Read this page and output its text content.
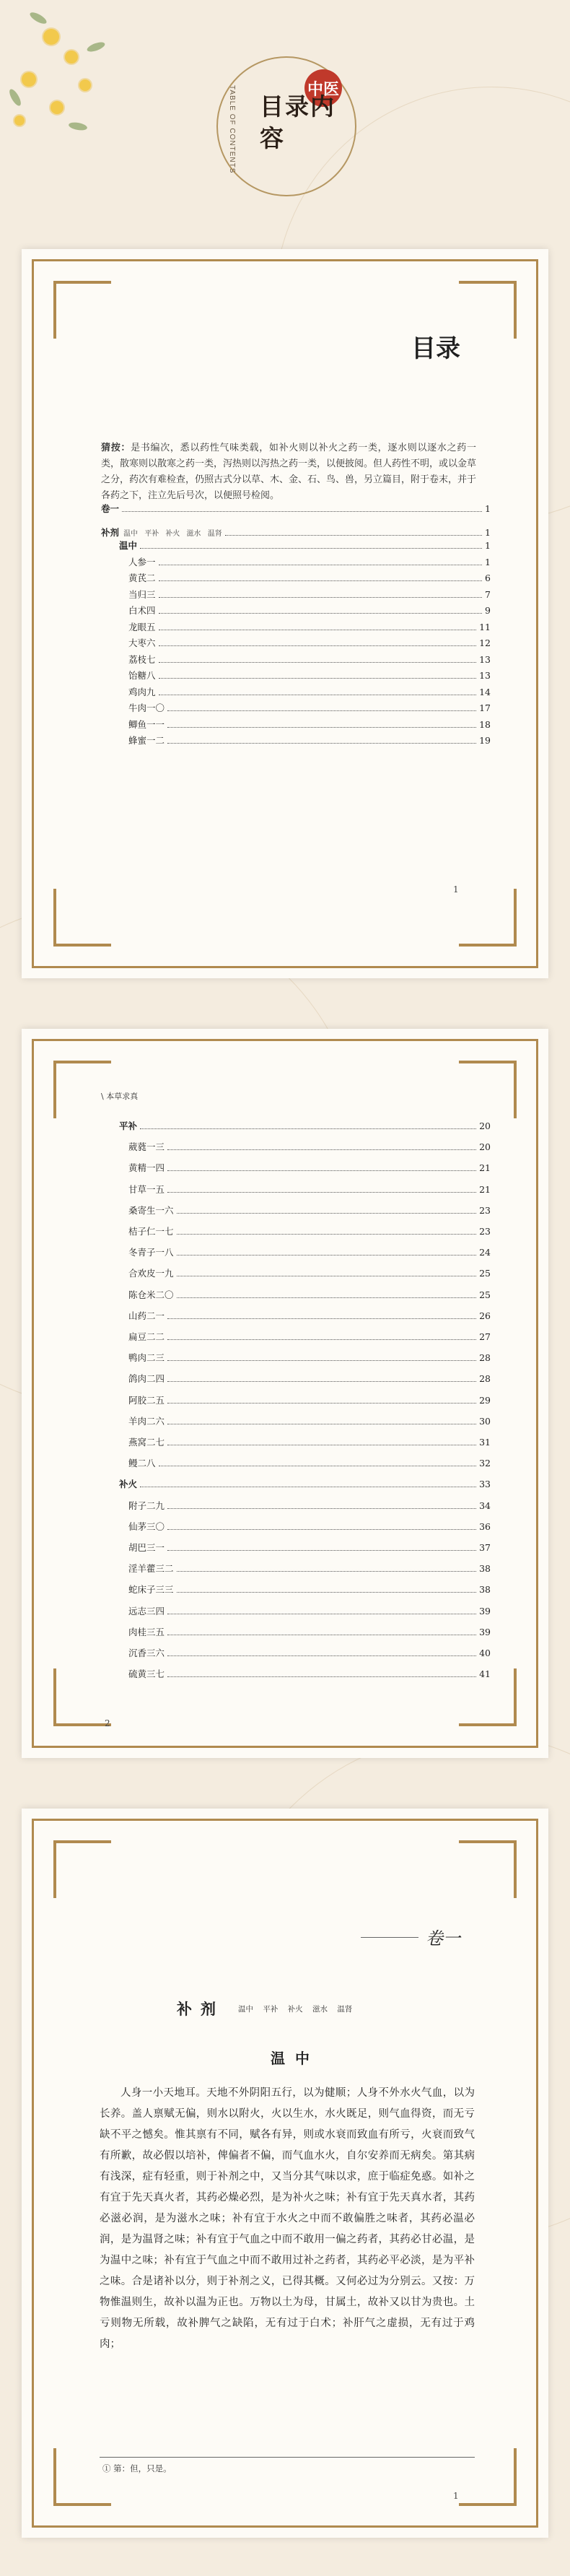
TABLE OF CONTENTS	中医
目录内容
目录
猜按：是书编次，悉以药性气味类载，如补火则以补火之药一类，逐水则以逐水之药一类，散寒则以散寒之药一类，泻热则以泻热之药一类，以便披阅。但人药性不明，或以金草之分，药次有难检查，仍照古式分以草、木、金、石、鸟、兽，另立篇目，附于卷末，并于各药之下，注立先后号次，以便照号检阅。
卷一	1
补剂 温中 平补 补火 滋水 温肾	1
温中	1
人参一	1
黄芪二	6
当归三	7
白术四	9
龙眼五	11
大枣六	12
荔枝七	13
饴糖八	13
鸡肉九	14
牛肉一〇	17
鲫鱼一一	18
蜂蜜一二	19
1
\ 本草求真
平补	20
葳蕤一三	20
黄精一四	21
甘草一五	21
桑寄生一六	23
桔子仁一七	23
冬青子一八	24
合欢皮一九	25
陈仓米二〇	25
山药二一	26
扁豆二二	27
鸭肉二三	28
鸽肉二四	28
阿胶二五	29
羊肉二六	30
燕窝二七	31
鳗二八	32
补火	33
附子二九	34
仙茅三〇	36
胡巴三一	37
淫羊藿三二	38
蛇床子三三	38
远志三四	39
肉桂三五	39
沉香三六	40
硫黄三七	41
2
卷一
补剂 温中 平补 补火 滋水 温肾
温中
人身一小天地耳。天地不外阴阳五行，以为健顺；人身不外水火气血，以为长养。盖人禀赋无偏，则水以附火，火以生水，水火既足，则气血得资，而无亏缺不平之憾矣。惟其禀有不同，赋各有异，则或水衰而致血有所亏，火衰而致气有所歉，故必假以培补，俾偏者不偏，而气血水火，自尔安养而无病矣。第其病有浅深，症有轻重，则于补剂之中，又当分其气味以求，庶于临症免惑。如补之有宜于先天真火者，其药必燥必烈，是为补火之味；补有宜于先天真水者，其药必滋必润，是为滋水之味；补有宜于水火之中而不敢偏胜之味者，其药必温必润，是为温肾之味；补有宜于气血之中而不敢用一偏之药者，其药必甘必温，是为温中之味；补有宜于气血之中而不敢用过补之药者，其药必平必淡，是为平补之味。合是诸补以分，则于补剂之义，已得其概。又何必过为分别云。又按：万物惟温则生，故补以温为正也。万物以土为母，甘属土，故补又以甘为贵也。土亏则物无所载，故补脾气之缺陷，无有过于白术；补肝气之虚损，无有过于鸡肉；
① 第：但，只是。
1
